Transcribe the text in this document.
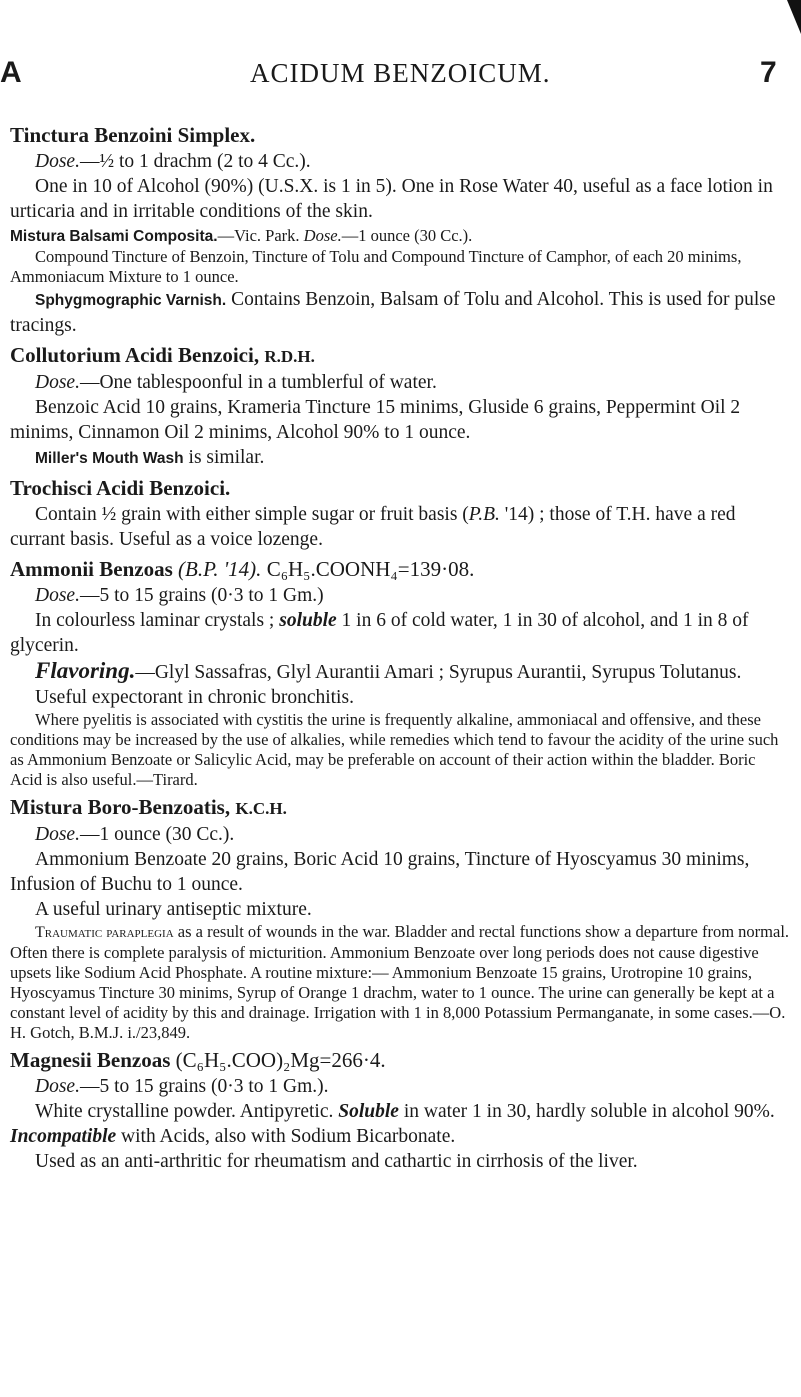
A	ACIDUM BENZOICUM.	7

Tinctura Benzoini Simplex.

Dose.—½ to 1 drachm (2 to 4 Cc.).

One in 10 of Alcohol (90%) (U.S.X. is 1 in 5). One in Rose Water 40, useful as a face lotion in urticaria and in irritable conditions of the skin.

Mistura Balsami Composita.—Vic. Park. Dose.—1 ounce (30 Cc.).

Compound Tincture of Benzoin, Tincture of Tolu and Compound Tincture of Camphor, of each 20 minims, Ammoniacum Mixture to 1 ounce.

Sphygmographic Varnish. Contains Benzoin, Balsam of Tolu and Alcohol. This is used for pulse tracings.

Collutorium Acidi Benzoici, R.D.H.

Dose.—One tablespoonful in a tumblerful of water.

Benzoic Acid 10 grains, Krameria Tincture 15 minims, Gluside 6 grains, Peppermint Oil 2 minims, Cinnamon Oil 2 minims, Alcohol 90% to 1 ounce.

Miller's Mouth Wash is similar.

Trochisci Acidi Benzoici.

Contain ½ grain with either simple sugar or fruit basis (P.B. '14) ; those of T.H. have a red currant basis. Useful as a voice lozenge.

Ammonii Benzoas (B.P. '14). C₆H₅.COONH₄=139·08.

Dose.—5 to 15 grains (0·3 to 1 Gm.)

In colourless laminar crystals ; soluble 1 in 6 of cold water, 1 in 30 of alcohol, and 1 in 8 of glycerin.

Flavoring.—Glyl Sassafras, Glyl Aurantii Amari ; Syrupus Aurantii, Syrupus Tolutanus.

Useful expectorant in chronic bronchitis.

Where pyelitis is associated with cystitis the urine is frequently alkaline, ammoniacal and offensive, and these conditions may be increased by the use of alkalies, while remedies which tend to favour the acidity of the urine such as Ammonium Benzoate or Salicylic Acid, may be preferable on account of their action within the bladder. Boric Acid is also useful.—Tirard.

Mistura Boro-Benzoatis, K.C.H.

Dose.—1 ounce (30 Cc.).

Ammonium Benzoate 20 grains, Boric Acid 10 grains, Tincture of Hyoscyamus 30 minims, Infusion of Buchu to 1 ounce.

A useful urinary antiseptic mixture.

Traumatic paraplegia as a result of wounds in the war. Bladder and rectal functions show a departure from normal. Often there is complete paralysis of micturition. Ammonium Benzoate over long periods does not cause digestive upsets like Sodium Acid Phosphate. A routine mixture:— Ammonium Benzoate 15 grains, Urotropine 10 grains, Hyoscyamus Tincture 30 minims, Syrup of Orange 1 drachm, water to 1 ounce. The urine can generally be kept at a constant level of acidity by this and drainage. Irrigation with 1 in 8,000 Potassium Permanganate, in some cases.—O. H. Gotch, B.M.J. i./23,849.

Magnesii Benzoas (C₆H₅.COO)₂Mg=266·4.

Dose.—5 to 15 grains (0·3 to 1 Gm.).

White crystalline powder. Antipyretic. Soluble in water 1 in 30, hardly soluble in alcohol 90%. Incompatible with Acids, also with Sodium Bicarbonate.

Used as an anti-arthritic for rheumatism and cathartic in cirrhosis of the liver.
